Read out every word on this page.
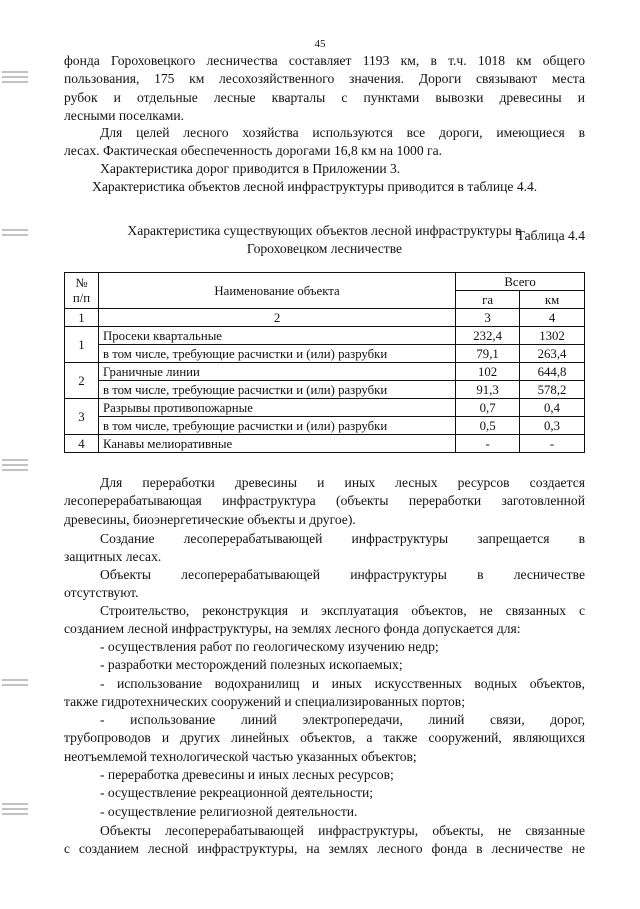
45

фонда Гороховецкого лесничества составляет 1193 км, в т.ч. 1018 км общего

пользования, 175 км лесохозяйственного значения. Дороги связывают места

рубок и отдельные лесные кварталы с пунктами вывозки древесины и

лесными поселками.

Для целей лесного хозяйства используются все дороги, имеющиеся в

лесах. Фактическая обеспеченность дорогами 16,8 км на 1000 га.

Характеристика дорог приводится в Приложении 3.

Характеристика объектов лесной инфраструктуры приводится в таблице 4.4.

Таблица 4.4
Характеристика существующих объектов лесной инфраструктуры в
Гороховецком лесничестве
№ п/п	Наименование объекта	Всего	
		га	км
1	2	3	4
1	Просеки квартальные	232,4	1302
	в том числе, требующие расчистки и (или) разрубки	79,1	263,4
2	Граничные линии	102	644,8
	в том числе, требующие расчистки и (или) разрубки	91,3	578,2
3	Разрывы противопожарные	0,7	0,4
	в том числе, требующие расчистки и (или) разрубки	0,5	0,3
4	Канавы мелиоративные	-	-

Для переработки древесины и иных лесных ресурсов создается

лесоперерабатывающая инфраструктура (объекты переработки заготовленной

древесины, биоэнергетические объекты и другое).

Создание лесоперерабатывающей инфраструктуры запрещается в

защитных лесах.

Объекты лесоперерабатывающей инфраструктуры в лесничестве

отсутствуют.

Строительство, реконструкция и эксплуатация объектов, не связанных с

созданием лесной инфраструктуры, на землях лесного фонда допускается для:

- осуществления работ по геологическому изучению недр;

- разработки месторождений полезных ископаемых;

- использование водохранилищ и иных искусственных водных объектов,

также гидротехнических сооружений и специализированных портов;

- использование линий электропередачи, линий связи, дорог,

трубопроводов и других линейных объектов, а также сооружений, являющихся

неотъемлемой технологической частью указанных объектов;

- переработка древесины и иных лесных ресурсов;

- осуществление рекреационной деятельности;

- осуществление религиозной деятельности.

Объекты лесоперерабатывающей инфраструктуры, объекты, не связанные

с созданием лесной инфраструктуры, на землях лесного фонда в лесничестве не
